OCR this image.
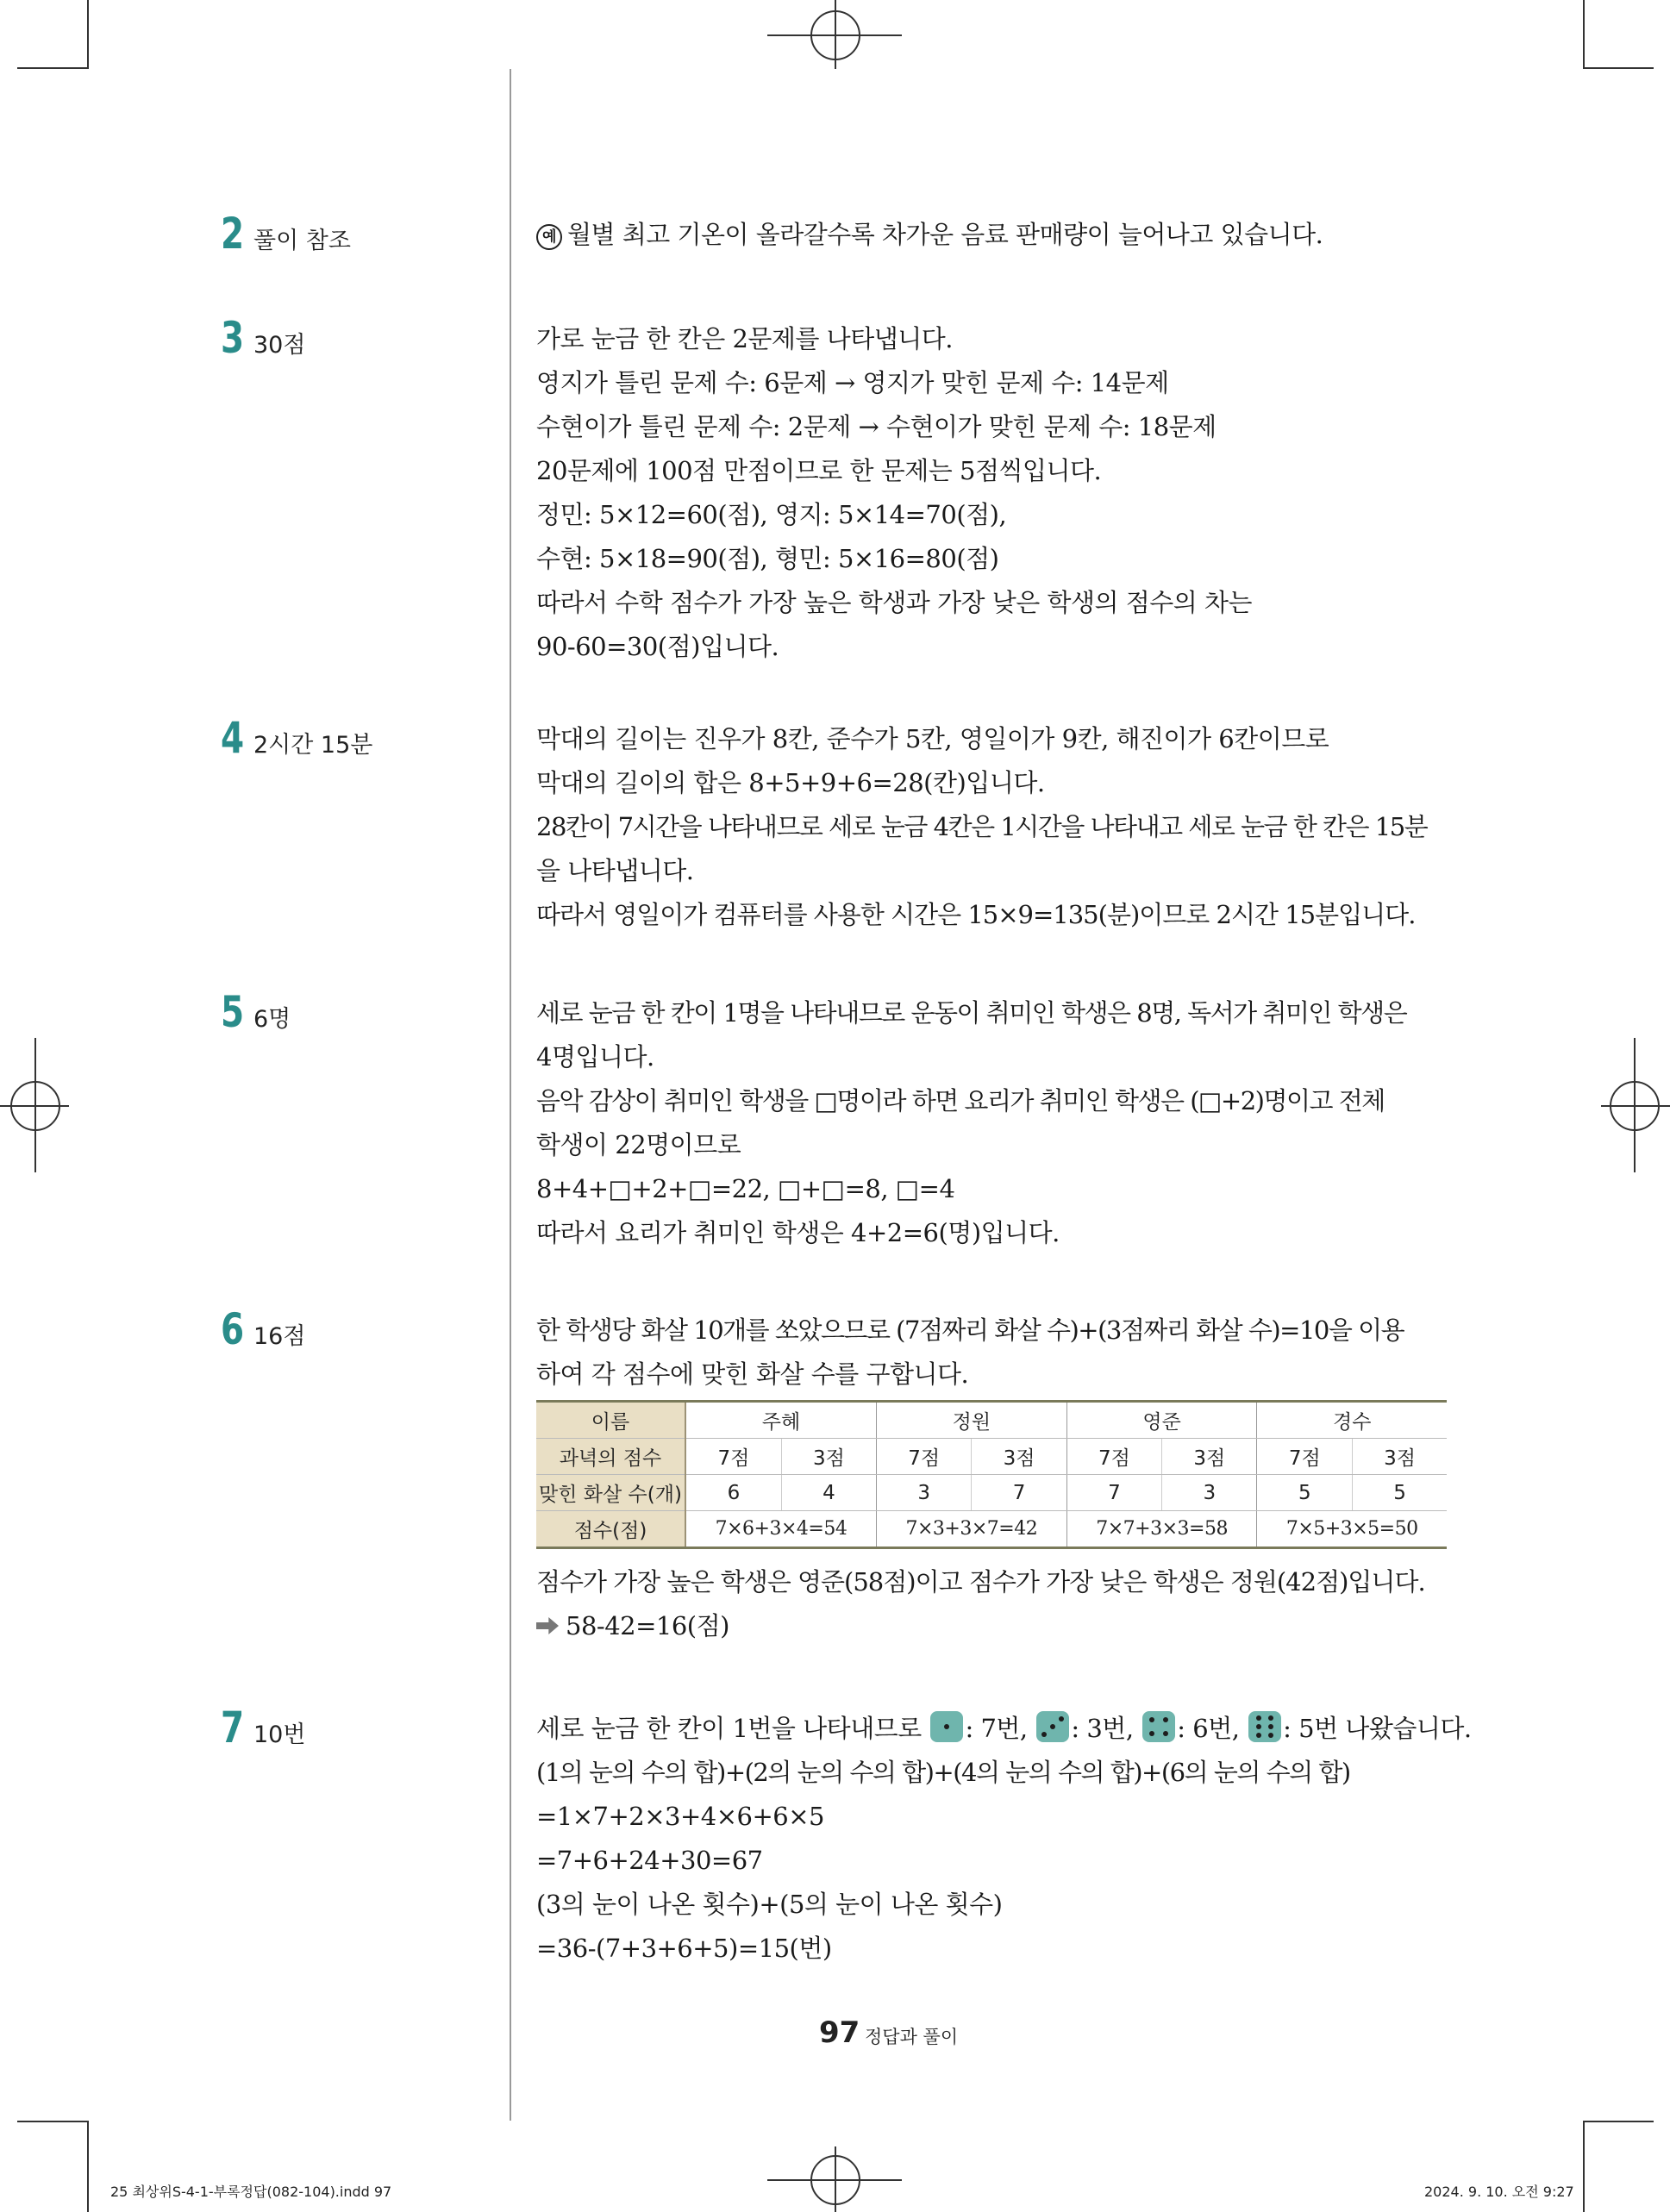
2 풀이 참조
3 30점
4 2시간 15분
5 6명
6 16점
7 10번
예 월별 최고 기온이 올라갈수록 차가운 음료 판매량이 늘어나고 있습니다.
가로 눈금 한 칸은 2문제를 나타냅니다.
영지가 틀린 문제 수: 6문제 → 영지가 맞힌 문제 수: 14문제
수현이가 틀린 문제 수: 2문제 → 수현이가 맞힌 문제 수: 18문제
20문제에 100점 만점이므로 한 문제는 5점씩입니다.
정민: 5×12=60(점), 영지: 5×14=70(점),
수현: 5×18=90(점), 형민: 5×16=80(점)
따라서 수학 점수가 가장 높은 학생과 가장 낮은 학생의 점수의 차는
90-60=30(점)입니다.
막대의 길이는 진우가 8칸, 준수가 5칸, 영일이가 9칸, 해진이가 6칸이므로
막대의 길이의 합은 8+5+9+6=28(칸)입니다.
28칸이 7시간을 나타내므로 세로 눈금 4칸은 1시간을 나타내고 세로 눈금 한 칸은 15분
을 나타냅니다.
따라서 영일이가 컴퓨터를 사용한 시간은 15×9=135(분)이므로 2시간 15분입니다.
세로 눈금 한 칸이 1명을 나타내므로 운동이 취미인 학생은 8명, 독서가 취미인 학생은
4명입니다.
음악 감상이 취미인 학생을 □명이라 하면 요리가 취미인 학생은 (□+2)명이고 전체
학생이 22명이므로
8+4+□+2+□=22, □+□=8, □=4
따라서 요리가 취미인 학생은 4+2=6(명)입니다.
한 학생당 화살 10개를 쏘았으므로 (7점짜리 화살 수)+(3점짜리 화살 수)=10을 이용
하여 각 점수에 맞힌 화살 수를 구합니다.
이름	주혜		정원		영준		경수	
과녁의 점수	7점	3점	7점	3점	7점	3점	7점	3점
맞힌 화살 수(개)	6	4	3	7	7	3	5	5
점수(점)	7×6+3×4=54		7×3+3×7=42		7×7+3×3=58		7×5+3×5=50	
점수가 가장 높은 학생은 영준(58점)이고 점수가 가장 낮은 학생은 정원(42점)입니다.
58-42=16(점)
세로 눈금 한 칸이 1번을 나타내므로 : 7번, : 3번, : 6번, : 5번 나왔습니다.
(1의 눈의 수의 합)+(2의 눈의 수의 합)+(4의 눈의 수의 합)+(6의 눈의 수의 합)
=1×7+2×3+4×6+6×5
=7+6+24+30=67
(3의 눈이 나온 횟수)+(5의 눈이 나온 횟수)
=36-(7+3+6+5)=15(번)
97 정답과 풀이
25 최상위S-4-1-부록정답(082-104).indd 97	2024. 9. 10. 오전 9:27
